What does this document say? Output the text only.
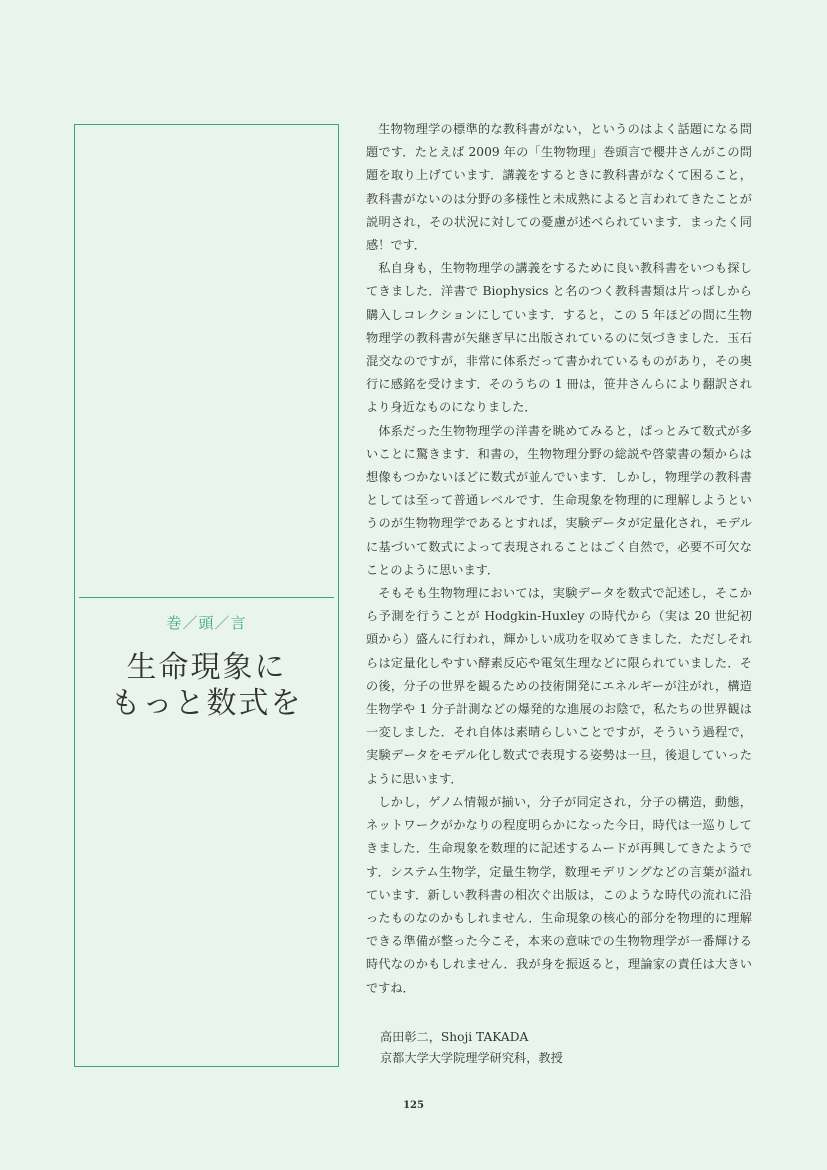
生命現象に
もっと数式を
巻／頭／言

生物物理学の標準的な教科書がない，というのはよく話題になる問題です．たとえば 2009 年の「生物物理」巻頭言で櫻井さんがこの問題を取り上げています．講義をするときに教科書がなくて困ること，教科書がないのは分野の多様性と未成熟によると言われてきたことが説明され，その状況に対しての憂慮が述べられています．まったく同感！です．

私自身も，生物物理学の講義をするために良い教科書をいつも探してきました．洋書で Biophysics と名のつく教科書類は片っぱしから購入しコレクションにしています．すると，この 5 年ほどの間に生物物理学の教科書が矢継ぎ早に出版されているのに気づきました．玉石混交なのですが，非常に体系だって書かれているものがあり，その奥行に感銘を受けます．そのうちの 1 冊は，笹井さんらにより翻訳されより身近なものになりました．

体系だった生物物理学の洋書を眺めてみると，ぱっとみて数式が多いことに驚きます．和書の，生物物理分野の総説や啓蒙書の類からは想像もつかないほどに数式が並んでいます．しかし，物理学の教科書としては至って普通レベルです．生命現象を物理的に理解しようというのが生物物理学であるとすれば，実験データが定量化され，モデルに基づいて数式によって表現されることはごく自然で，必要不可欠なことのように思います．

そもそも生物物理においては，実験データを数式で記述し，そこから予測を行うことが Hodgkin-Huxley の時代から（実は 20 世紀初頭から）盛んに行われ，輝かしい成功を収めてきました．ただしそれらは定量化しやすい酵素反応や電気生理などに限られていました．その後，分子の世界を観るための技術開発にエネルギーが注がれ，構造生物学や 1 分子計測などの爆発的な進展のお陰で，私たちの世界観は一変しました．それ自体は素晴らしいことですが，そういう過程で，実験データをモデル化し数式で表現する姿勢は一旦，後退していったように思います．

しかし，ゲノム情報が揃い，分子が同定され，分子の構造，動態，ネットワークがかなりの程度明らかになった今日，時代は一巡りしてきました．生命現象を数理的に記述するムードが再興してきたようです．システム生物学，定量生物学，数理モデリングなどの言葉が溢れています．新しい教科書の相次ぐ出版は，このような時代の流れに沿ったものなのかもしれません．生命現象の核心的部分を物理的に理解できる準備が整った今こそ，本来の意味での生物物理学が一番輝ける時代なのかもしれません．我が身を振返ると，理論家の責任は大きいですね．

高田彰二，Shoji TAKADA
京都大学大学院理学研究科，教授
125
